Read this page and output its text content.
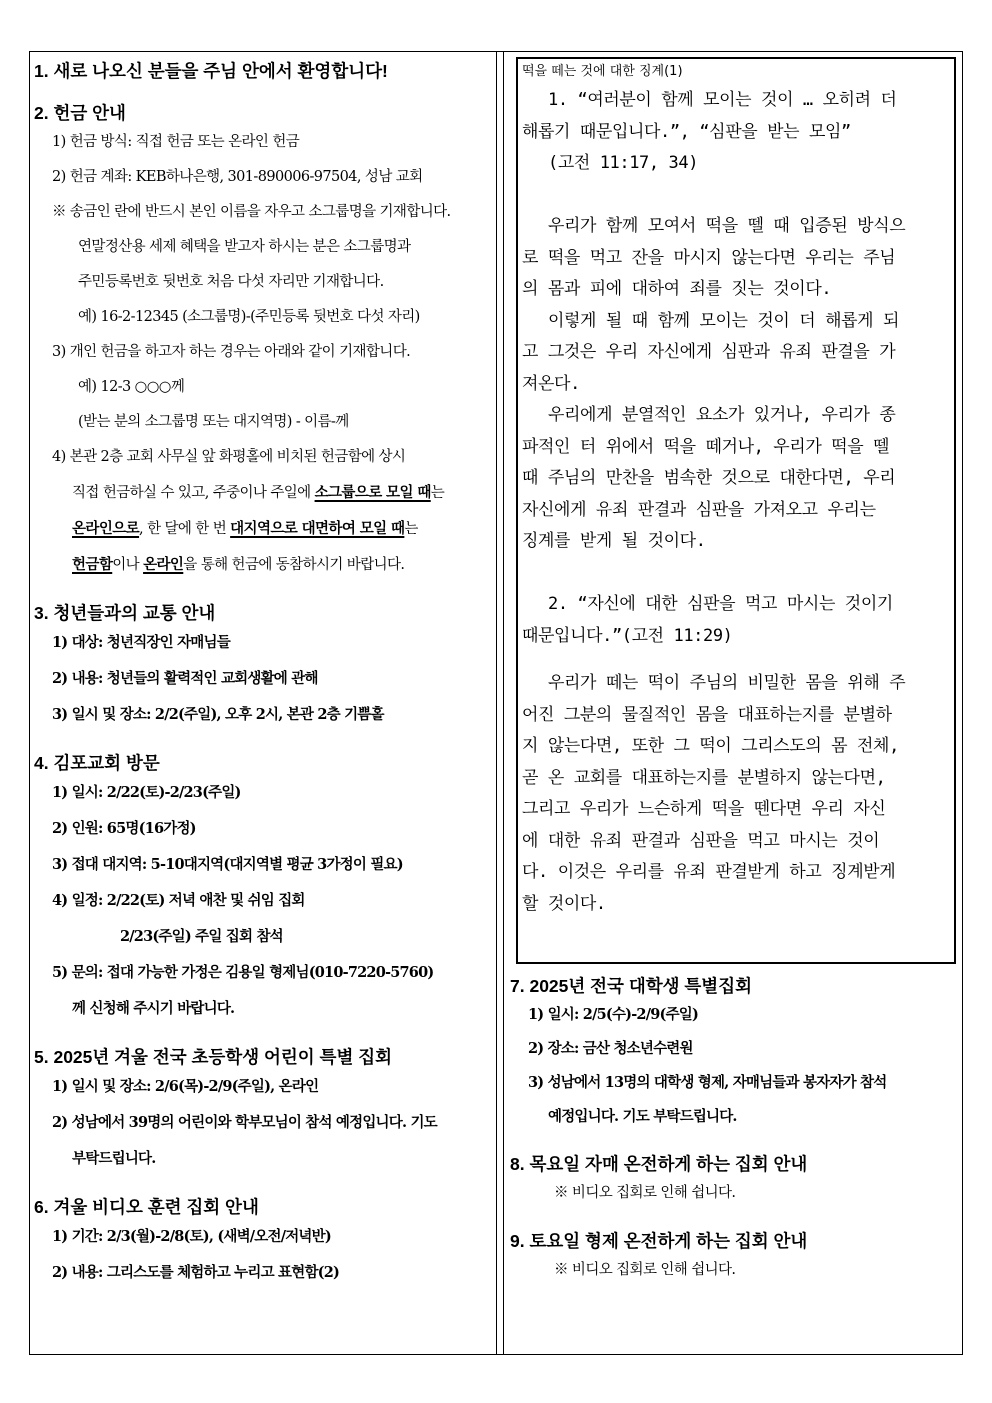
1. 새로 나오신 분들을 주님 안에서 환영합니다!

2. 헌금 안내

1) 헌금 방식: 직접 헌금 또는 온라인 헌금

2) 헌금 계좌: KEB하나은행, 301-890006-97504, 성남 교회

※ 송금인 란에 반드시 본인 이름을 자우고 소그룹명을 기재합니다.

연말정산용 세제 혜택을 받고자 하시는 분은 소그룹명과

주민등록번호 뒷번호 처음 다섯 자리만 기재합니다.

예) 16-2-12345 (소그룹명)-(주민등록 뒷번호 다섯 자리)

3) 개인 헌금을 하고자 하는 경우는 아래와 같이 기재합니다.

예) 12-3 ○○○께

(받는 분의 소그룹명 또는 대지역명) - 이름-께

4) 본관 2층 교회 사무실 앞 화평홀에 비치된 헌금함에 상시

직접 헌금하실 수 있고, 주중이나 주일에 소그룹으로 모일 때는

온라인으로, 한 달에 한 번 대지역으로 대면하여 모일 때는

헌금함이나 온라인을 통해 헌금에 동참하시기 바랍니다.

3. 청년들과의 교통 안내

1) 대상: 청년직장인 자매님들

2) 내용: 청년들의 활력적인 교회생활에 관해

3) 일시 및 장소: 2/2(주일), 오후 2시, 본관 2층 기쁨홀

4. 김포교회 방문

1) 일시: 2/22(토)-2/23(주일)

2) 인원: 65명(16가정)

3) 접대 대지역: 5-10대지역(대지역별 평균 3가정이 필요)

4) 일정: 2/22(토) 저녁 애찬 및 쉬임 집회

2/23(주일) 주일 집회 참석

5) 문의: 접대 가능한 가정은 김용일 형제님(010-7220-5760)

께 신청해 주시기 바랍니다.

5. 2025년 겨울 전국 초등학생 어린이 특별 집회

1) 일시 및 장소: 2/6(목)-2/9(주일), 온라인

2) 성남에서 39명의 어린이와 학부모님이 참석 예정입니다. 기도

부탁드립니다.

6. 겨울 비디오 훈련 집회 안내

1) 기간: 2/3(월)-2/8(토), (새벽/오전/저녁반)

2) 내용: 그리스도를 체험하고 누리고 표현함(2)

떡을 떼는 것에 대한 징계(1)

1. “여러분이 함께 모이는 것이 … 오히려 더

해롭기 때문입니다.”, “심판을 받는 모임”

(고전 11:17, 34)

우리가 함께 모여서 떡을 뗄 때 입증된 방식으

로 떡을 먹고 잔을 마시지 않는다면 우리는 주님

의 몸과 피에 대하여 죄를 짓는 것이다.

이렇게 될 때 함께 모이는 것이 더 해롭게 되

고 그것은 우리 자신에게 심판과 유죄 판결을 가

져온다.

우리에게 분열적인 요소가 있거나, 우리가 종

파적인 터 위에서 떡을 떼거나, 우리가 떡을 뗄

때 주님의 만찬을 범속한 것으로 대한다면, 우리

자신에게 유죄 판결과 심판을 가져오고 우리는

징계를 받게 될 것이다.

2. “자신에 대한 심판을 먹고 마시는 것이기

때문입니다.”(고전 11:29)

우리가 떼는 떡이 주님의 비밀한 몸을 위해 주

어진 그분의 물질적인 몸을 대표하는지를 분별하

지 않는다면, 또한 그 떡이 그리스도의 몸 전체,

곧 온 교회를 대표하는지를 분별하지 않는다면,

그리고 우리가 느슨하게 떡을 뗀다면 우리 자신

에 대한 유죄 판결과 심판을 먹고 마시는 것이

다. 이것은 우리를 유죄 판결받게 하고 징계받게

할 것이다.

7. 2025년 전국 대학생 특별집회

1) 일시: 2/5(수)-2/9(주일)

2) 장소: 금산 청소년수련원

3) 성남에서 13명의 대학생 형제, 자매님들과 봉자자가 참석

예정입니다. 기도 부탁드립니다.

8. 목요일 자매 온전하게 하는 집회 안내

※ 비디오 집회로 인해 쉽니다.

9. 토요일 형제 온전하게 하는 집회 안내

※ 비디오 집회로 인해 쉽니다.
